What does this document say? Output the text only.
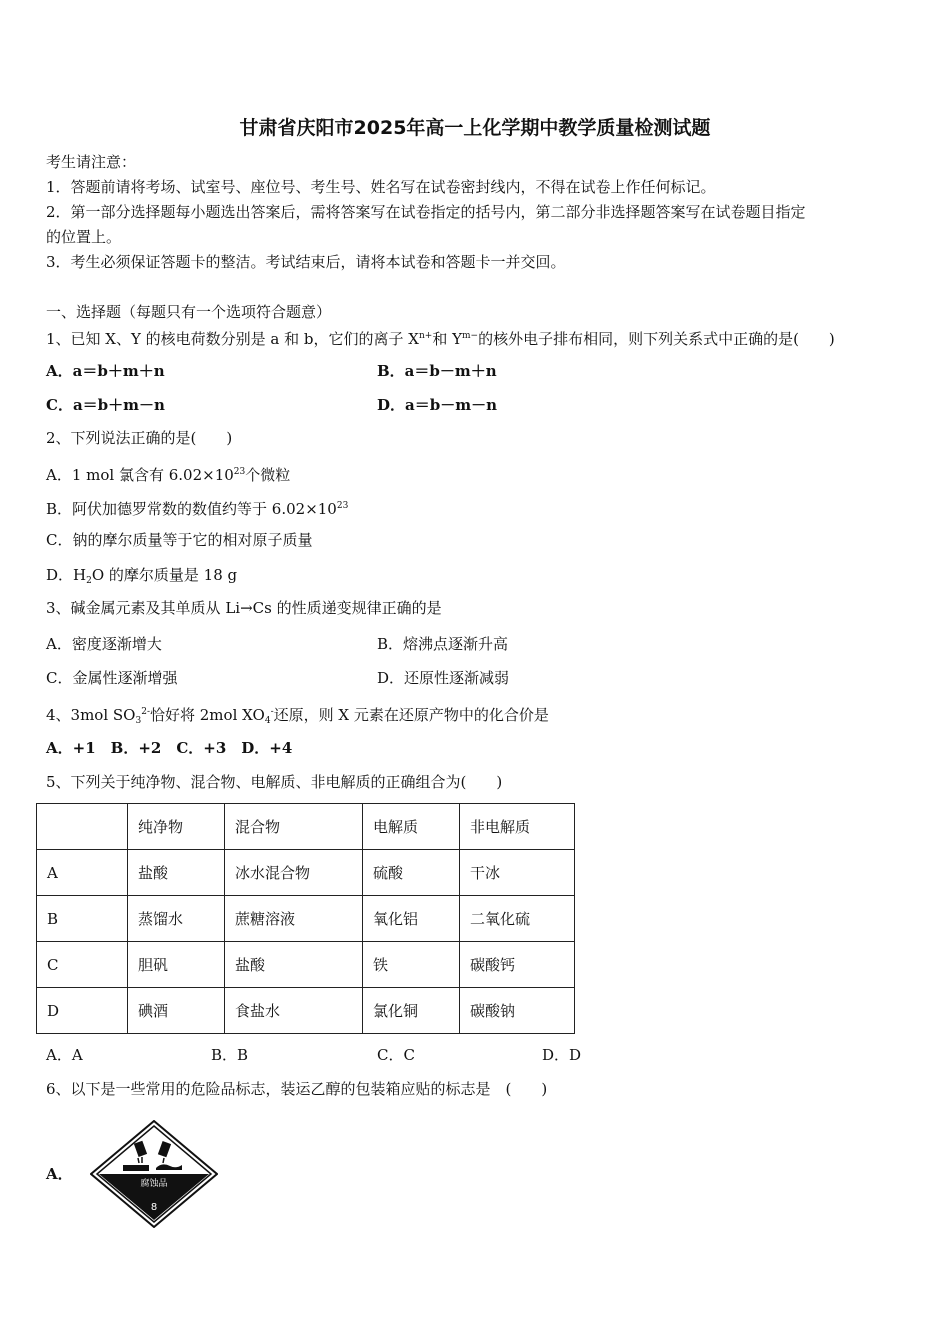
甘肃省庆阳市2025年高一上化学期中教学质量检测试题
考生请注意：
1．答题前请将考场、试室号、座位号、考生号、姓名写在试卷密封线内，不得在试卷上作任何标记。
2．第一部分选择题每小题选出答案后，需将答案写在试卷指定的括号内，第二部分非选择题答案写在试卷题目指定
的位置上。
3．考生必须保证答题卡的整洁。考试结束后，请将本试卷和答题卡一并交回。
一、选择题（每题只有一个选项符合题意）
1、已知 X、Y 的核电荷数分别是 a 和 b，它们的离子 $X^{n+}$和 $Y^{m-}$的核外电子排布相同，则下列关系式中正确的是(　　)
A．a＝b＋m＋n	B．a＝b－m＋n
C．a＝b＋m－n	D．a＝b－m－n
2、下列说法正确的是(　　)
A．1 mol 氯含有 $6.02\times 10^{23}$个微粒
B．阿伏加德罗常数的数值约等于 $6.02\times 10^{23}$
C．钠的摩尔质量等于它的相对原子质量
D．$H_2O$ 的摩尔质量是 18 g
3、碱金属元素及其单质从 Li→Cs 的性质递变规律正确的是
A．密度逐渐增大	B．熔沸点逐渐升高
C．金属性逐渐增强	D．还原性逐渐减弱
4、3mol $SO_3^{2-}$恰好将 2mol $XO_4^-$还原，则 X 元素在还原产物中的化合价是
A．+1　B．+2　C．+3　D．+4
5、下列关于纯净物、混合物、电解质、非电解质的正确组合为(　　)
	纯净物	混合物	电解质	非电解质
A	盐酸	冰水混合物	硫酸	干冰
B	蒸馏水	蔗糖溶液	氧化铝	二氧化硫
C	胆矾	盐酸	铁	碳酸钙
D	碘酒	食盐水	氯化铜	碳酸钠
A．A	B．B	C．C	D．D
6、以下是一些常用的危险品标志，装运乙醇的包装箱应贴的标志是　(　　)
A．
腐蚀品
8
